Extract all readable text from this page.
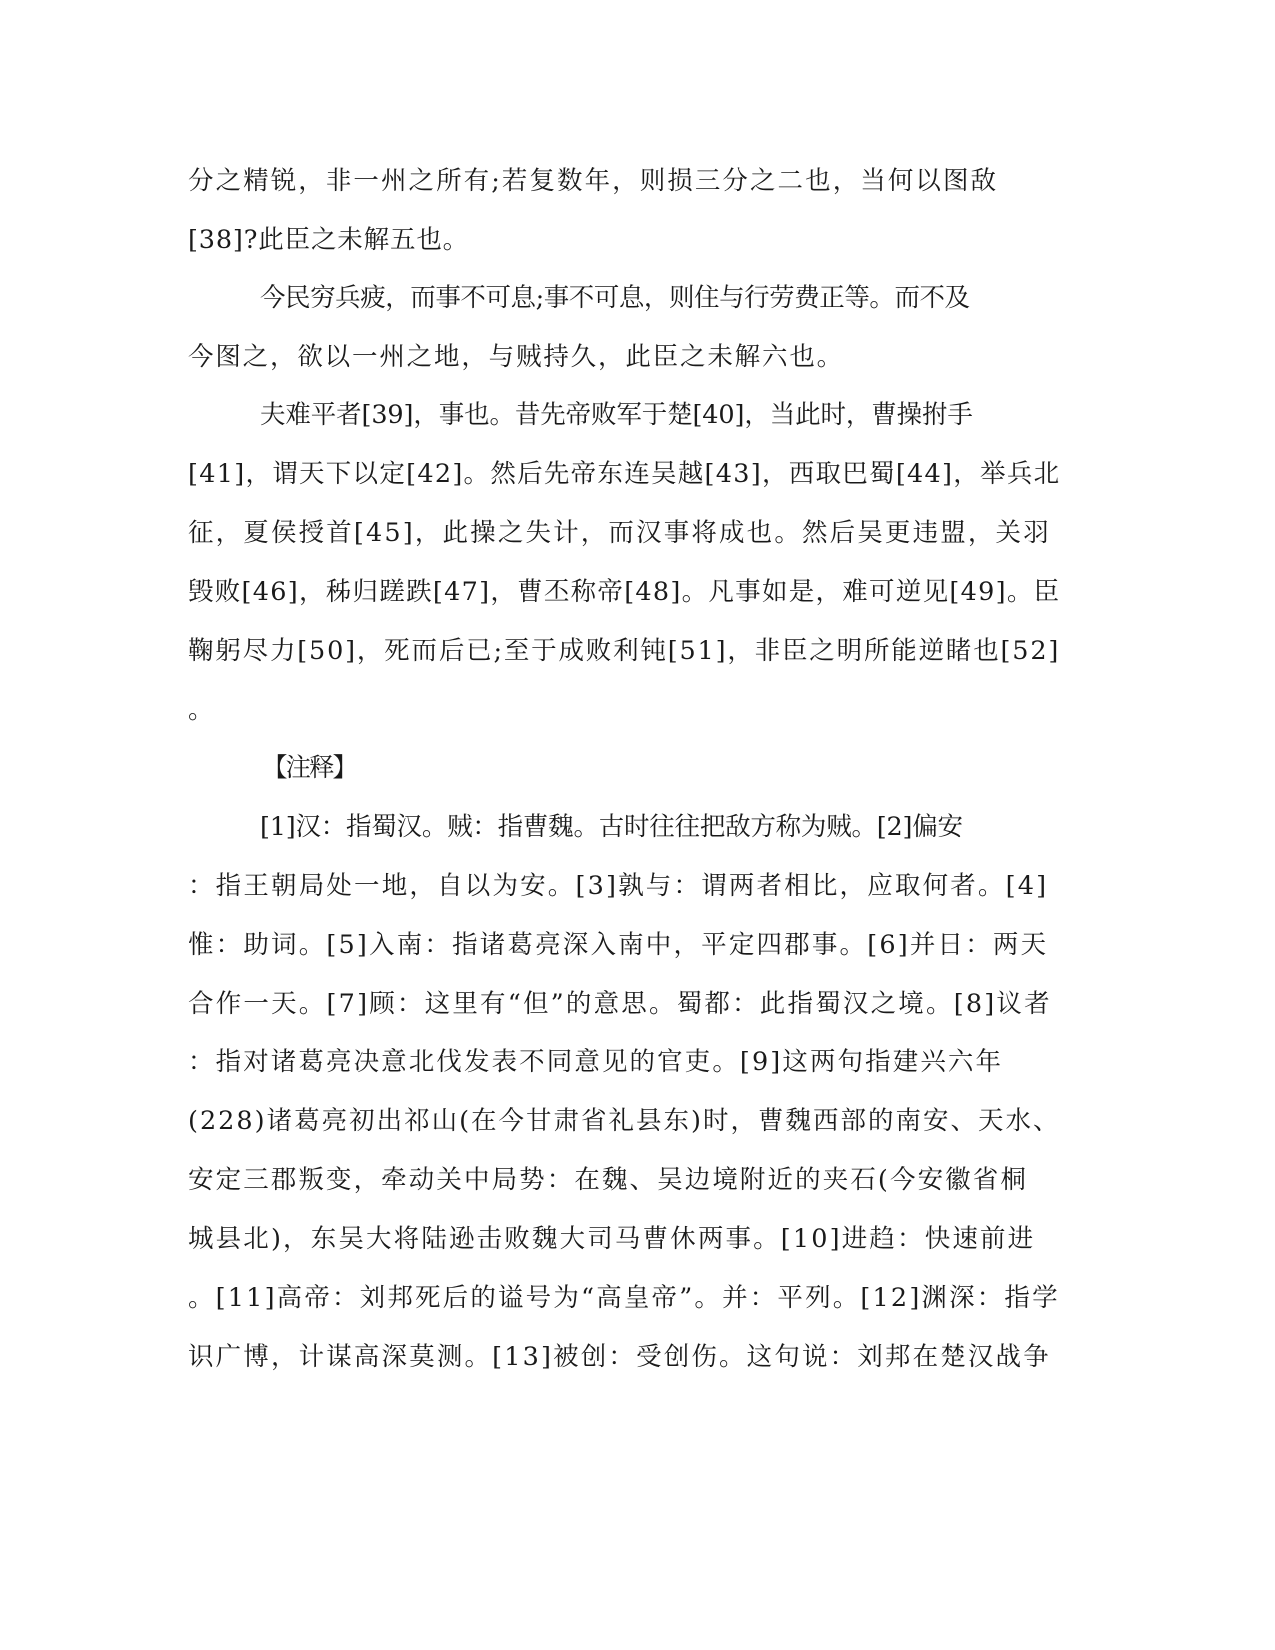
分之精锐，非一州之所有;若复数年，则损三分之二也，当何以图敌
[38]?此臣之未解五也。
今民穷兵疲，而事不可息;事不可息，则住与行劳费正等。而不及
今图之，欲以一州之地，与贼持久，此臣之未解六也。
夫难平者[39]，事也。昔先帝败军于楚[40]，当此时，曹操拊手
[41]，谓天下以定[42]。然后先帝东连吴越[43]，西取巴蜀[44]，举兵北
征，夏侯授首[45]，此操之失计，而汉事将成也。然后吴更违盟，关羽
毁败[46]，秭归蹉跌[47]，曹丕称帝[48]。凡事如是，难可逆见[49]。臣
鞠躬尽力[50]，死而后已;至于成败利钝[51]，非臣之明所能逆睹也[52]
。
【注释】
[1]汉：指蜀汉。贼：指曹魏。古时往往把敌方称为贼。[2]偏安
：指王朝局处一地，自以为安。[3]孰与：谓两者相比，应取何者。[4]
惟：助词。[5]入南：指诸葛亮深入南中，平定四郡事。[6]并日：两天
合作一天。[7]顾：这里有“但”的意思。蜀都：此指蜀汉之境。[8]议者
：指对诸葛亮决意北伐发表不同意见的官吏。[9]这两句指建兴六年
(228)诸葛亮初出祁山(在今甘肃省礼县东)时，曹魏西部的南安、天水、
安定三郡叛变，牵动关中局势：在魏、吴边境附近的夹石(今安徽省桐
城县北)，东吴大将陆逊击败魏大司马曹休两事。[10]进趋：快速前进
。[11]高帝：刘邦死后的谥号为“高皇帝”。并：平列。[12]渊深：指学
识广博，计谋高深莫测。[13]被创：受创伤。这句说：刘邦在楚汉战争
